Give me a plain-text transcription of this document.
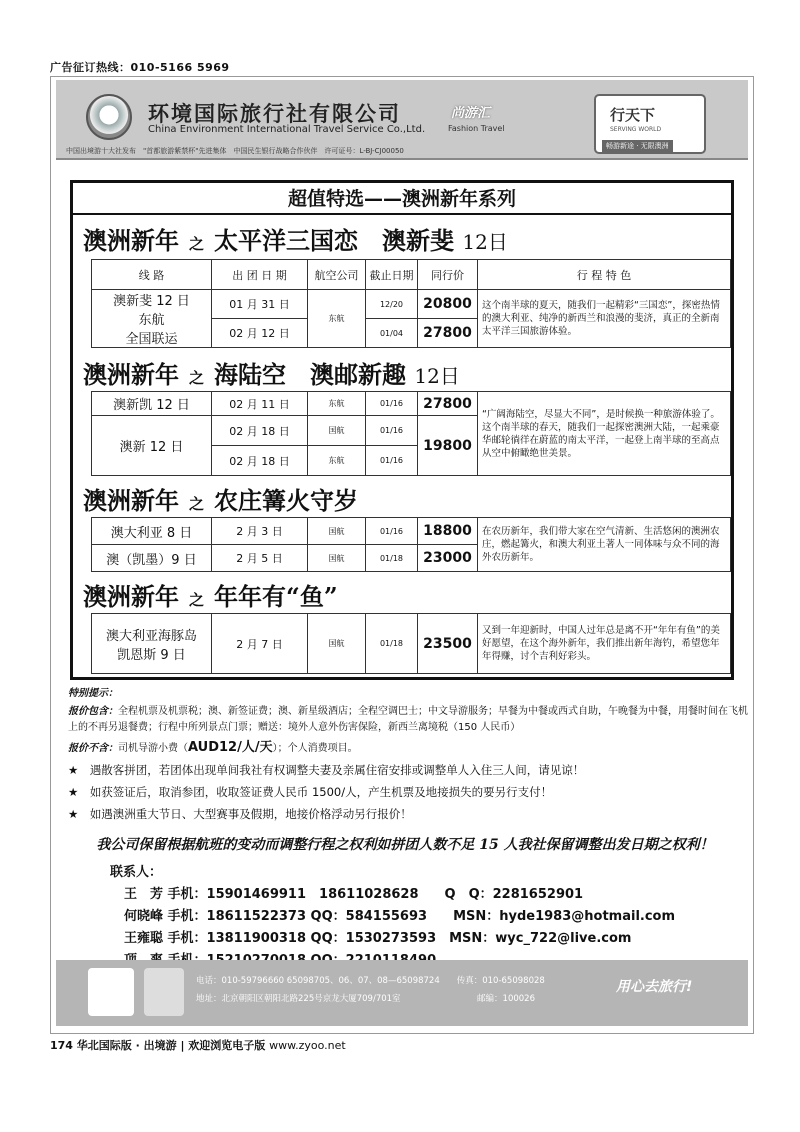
广告征订热线：010-5166 5969
环境国际旅行社有限公司
China Environment International Travel Service Co.,Ltd.
尚游汇
Fashion Travel
中国出境游十大社发布　"首都旅游紫禁杯"先进集体　中国民生银行战略合作伙伴　许可证号：L-BJ-CJ00050
行天下
SERVING WORLD
畅游新途 · 无限澳洲
超值特选——澳洲新年系列
澳洲新年 之 太平洋三国恋　澳新斐 12日
线 路	出 团 日 期	航空公司	截止日期	同行价	行 程 特 色

澳新斐 12 日
东航
全国联运	01 月 31 日	东航	12/20	20800	这个南半球的夏天，随我们一起精彩“三国恋”，探密热情的澳大利亚、纯净的新西兰和浪漫的斐济，真正的全新南太平洋三国旅游体验。
	02 月 12 日		01/04	27800	
澳洲新年 之 海陆空　澳邮新趣 12日
澳新凯 12 日	02 月 11 日	东航	01/16	27800	“广阔海陆空，尽显大不同”，是时候换一种旅游体验了。这个南半球的春天，随我们一起探密澳洲大陆，一起乘豪华邮轮徜徉在蔚蓝的南太平洋，一起登上南半球的至高点从空中俯瞰绝世美景。
澳新 12 日	02 月 18 日	国航	01/16	19800	
	02 月 18 日	东航	01/16		
澳洲新年 之 农庄篝火守岁
澳大利亚 8 日	2 月 3 日	国航	01/16	18800	在农历新年，我们带大家在空气清新、生活悠闲的澳洲农庄，燃起篝火，和澳大利亚土著人一同体味与众不同的海外农历新年。
澳（凯墨）9 日	2 月 5 日	国航	01/18	23000	
澳洲新年 之 年年有“鱼”
澳大利亚海豚岛
凯恩斯 9 日
	2 月 7 日	国航	01/18	23500	又到一年迎新时，中国人过年总是离不开“年年有鱼”的美好愿望，在这个海外新年，我们推出新年海钓，希望您年年得赚，讨个吉利好彩头。
特别提示：
报价包含：全程机票及机票税；澳、新签证费；澳、新星级酒店；全程空调巴士；中文导游服务；早餐为中餐或西式自助，午晚餐为中餐，用餐时间在飞机上的不再另退餐费；行程中所列景点门票；赠送：境外人意外伤害保险，新西兰离境税（150 人民币）
报价不含：司机导游小费（AUD12/人/天）；个人消费项目。
★　 遇散客拼团，若团体出现单间我社有权调整夫妻及亲属住宿安排或调整单人入住三人间，请见谅！
★　 如获签证后，取消参团，收取签证费人民币 1500/人，产生机票及地接损失的要另行支付！
★　 如遇澳洲重大节日、大型赛事及假期，地接价格浮动另行报价！
我公司保留根据航班的变动而调整行程之权利如拼团人数不足 15 人我社保留调整出发日期之权利！
联系人：
王　芳 手机：15901469911　18611028628　　Q　Q：2281652901
何晓峰 手机：18611522373 QQ：584155693　　MSN：hyde1983@hotmail.com
王雍聪 手机：13811900318 QQ：1530273593　MSN：wyc_722@live.com
电话：010-59796660 65098705、06、07、08—65098724　　传真：010-65098028
地址：北京朝阳区朝阳北路225号京龙大厦709/701室　　　　　　　　　邮编：100026
用心去旅行!
174 华北国际版 · 出境游 | 欢迎浏览电子版 www.zyoo.net
